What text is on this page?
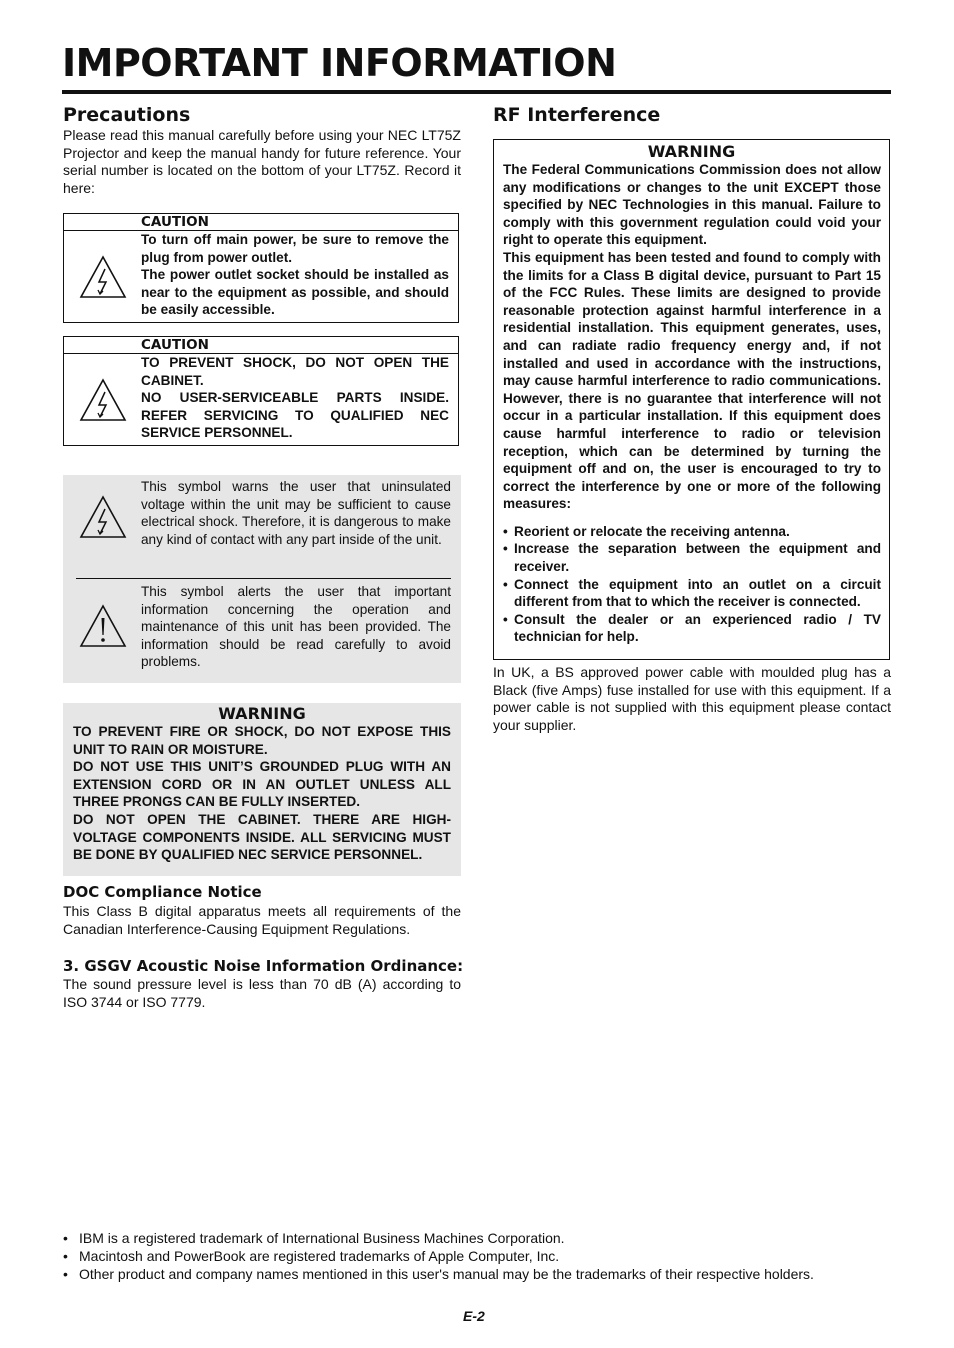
IMPORTANT INFORMATION
Precautions

Please read this manual carefully before using your NEC LT75Z Projector and keep the manual handy for future reference. Your serial number is located on the bottom of your LT75Z. Record it here:

CAUTION

To turn off main power, be sure to remove the plug from power outlet.

The power outlet socket should be installed as near to the equipment as possible, and should be easily accessible.

CAUTION

TO PREVENT SHOCK, DO NOT OPEN THE CABINET.

NO USER-SERVICEABLE PARTS INSIDE. REFER SERVICING TO QUALIFIED NEC SERVICE PERSONNEL.

This symbol warns the user that uninsulated voltage within the unit may be sufficient to cause electrical shock. Therefore, it is dangerous to make any kind of contact with any part inside of the unit.
This symbol alerts the user that important information concerning the operation and maintenance of this unit has been provided. The information should be read carefully to avoid problems.
WARNING

TO PREVENT FIRE OR SHOCK, DO NOT EXPOSE THIS UNIT TO RAIN OR MOISTURE.

DO NOT USE THIS UNIT’S GROUNDED PLUG WITH AN EXTENSION CORD OR IN AN OUTLET UNLESS ALL THREE PRONGS CAN BE FULLY INSERTED.

DO NOT OPEN THE CABINET. THERE ARE HIGH-VOLTAGE COMPONENTS INSIDE. ALL SERVICING MUST BE DONE BY QUALIFIED NEC SERVICE PERSONNEL.

DOC Compliance Notice
This Class B digital apparatus meets all requirements of the Canadian Interference-Causing Equipment Regulations.
3. GSGV Acoustic Noise Information Ordinance:
The sound pressure level is less than 70 dB (A) according to ISO 3744 or ISO 7779.
RF Interference
WARNING

The Federal Communications Commission does not allow any modifications or changes to the unit EXCEPT those specified by NEC Technologies in this manual. Failure to comply with this government regulation could void your right to operate this equipment.

This equipment has been tested and found to comply with the limits for a Class B digital device, pursuant to Part 15 of the FCC Rules. These limits are designed to provide reasonable protection against harmful interference in a residential installation. This equipment generates, uses, and can radiate radio frequency energy and, if not installed and used in accordance with the instructions, may cause harmful interference to radio communications. However, there is no guarantee that interference will not occur in a particular installation. If this equipment does cause harmful interference to radio or television reception, which can be determined by turning the equipment off and on, the user is encouraged to try to correct the interference by one or more of the following measures:

• Reorient or relocate the receiving antenna.
• Increase the separation between the equipment and receiver.
• Connect the equipment into an outlet on a circuit different from that to which the receiver is connected.
• Consult the dealer or an experienced radio / TV technician for help.
In UK, a BS approved power cable with moulded plug has a Black (five Amps) fuse installed for use with this equipment. If a power cable is not supplied with this equipment please contact your supplier.
• IBM is a registered trademark of International Business Machines Corporation.
• Macintosh and PowerBook are registered trademarks of Apple Computer, Inc.
• Other product and company names mentioned in this user's manual may be the trademarks of their respective holders.
E-2
